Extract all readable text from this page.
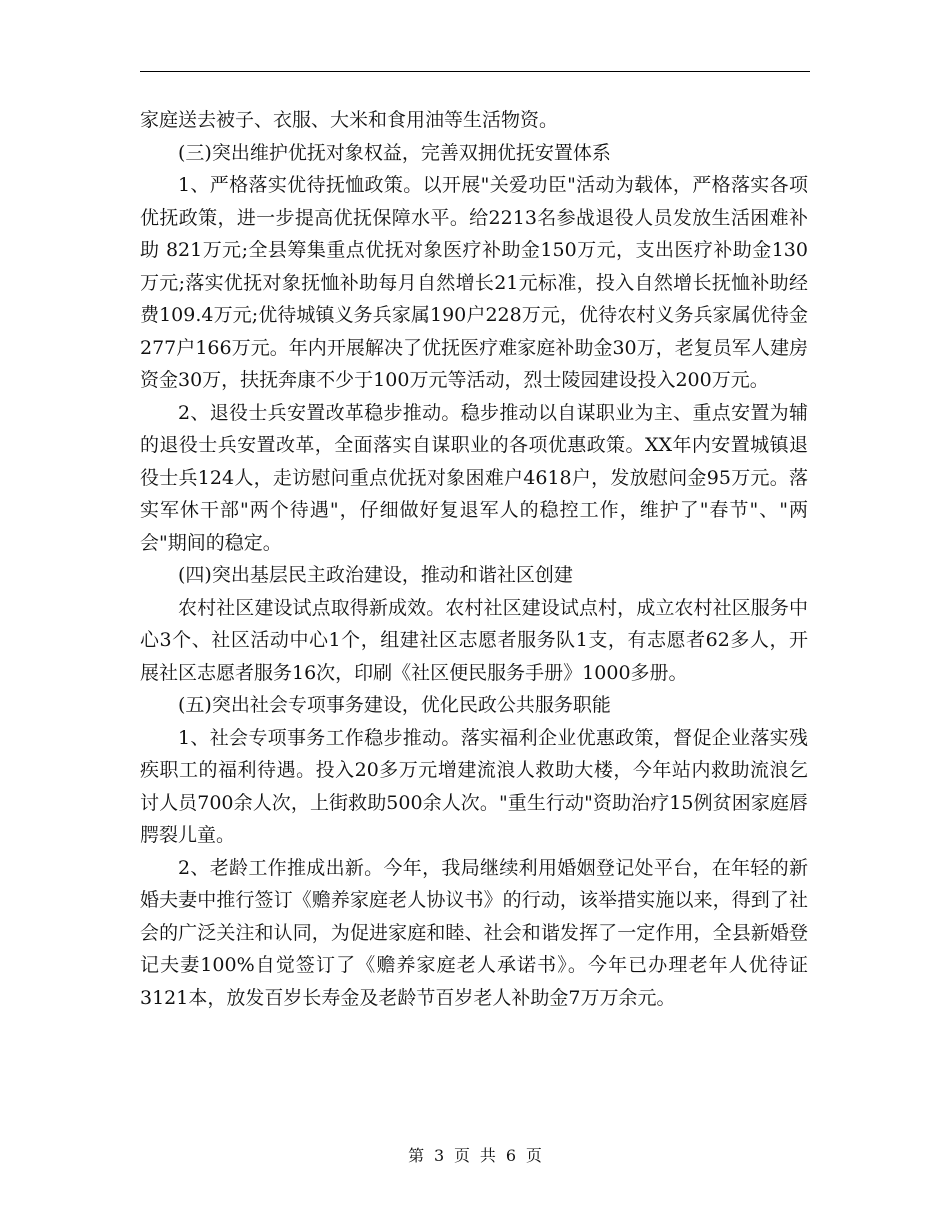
家庭送去被子、衣服、大米和食用油等生活物资。

(三)突出维护优抚对象权益，完善双拥优抚安置体系

1、严格落实优待抚恤政策。以开展"关爱功臣"活动为载体，严格落实各项优抚政策，进一步提高优抚保障水平。给2213名参战退役人员发放生活困难补助 821万元;全县筹集重点优抚对象医疗补助金150万元，支出医疗补助金130万元;落实优抚对象抚恤补助每月自然增长21元标准，投入自然增长抚恤补助经费109.4万元;优待城镇义务兵家属190户228万元，优待农村义务兵家属优待金277户166万元。年内开展解决了优抚医疗难家庭补助金30万，老复员军人建房资金30万，扶抚奔康不少于100万元等活动，烈士陵园建设投入200万元。

2、退役士兵安置改革稳步推动。稳步推动以自谋职业为主、重点安置为辅的退役士兵安置改革，全面落实自谋职业的各项优惠政策。XX年内安置城镇退役士兵124人，走访慰问重点优抚对象困难户4618户，发放慰问金95万元。落实军休干部"两个待遇"，仔细做好复退军人的稳控工作，维护了"春节"、"两会"期间的稳定。

(四)突出基层民主政治建设，推动和谐社区创建

农村社区建设试点取得新成效。农村社区建设试点村，成立农村社区服务中心3个、社区活动中心1个，组建社区志愿者服务队1支，有志愿者62多人，开展社区志愿者服务16次，印刷《社区便民服务手册》1000多册。

(五)突出社会专项事务建设，优化民政公共服务职能

1、社会专项事务工作稳步推动。落实福利企业优惠政策，督促企业落实残疾职工的福利待遇。投入20多万元增建流浪人救助大楼，今年站内救助流浪乞讨人员700余人次，上街救助500余人次。"重生行动"资助治疗15例贫困家庭唇腭裂儿童。

2、老龄工作推成出新。今年，我局继续利用婚姻登记处平台，在年轻的新婚夫妻中推行签订《赡养家庭老人协议书》的行动，该举措实施以来，得到了社会的广泛关注和认同，为促进家庭和睦、社会和谐发挥了一定作用，全县新婚登记夫妻100%自觉签订了《赡养家庭老人承诺书》。今年已办理老年人优待证3121本，放发百岁长寿金及老龄节百岁老人补助金7万万余元。

第 3 页 共 6 页
